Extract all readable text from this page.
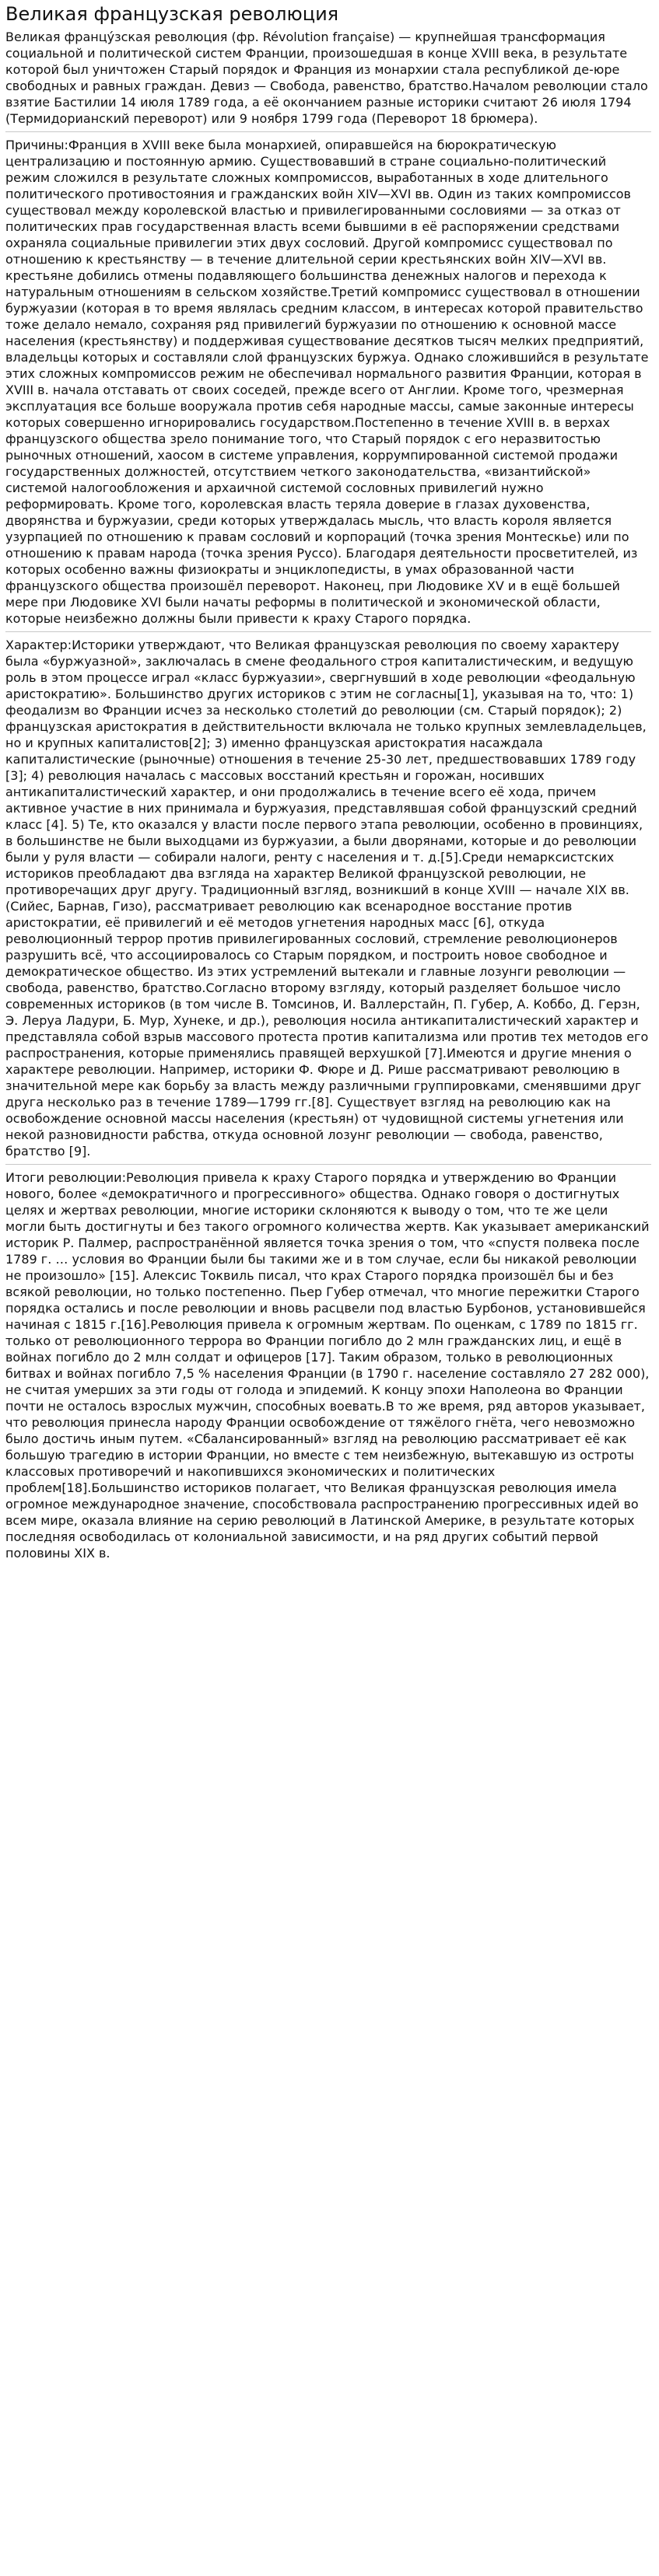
Великая французская революция

Великая францу́зская революция (фр. Révolution française) — крупнейшая трансформация социальной и политической систем Франции, произошедшая в конце XVIII века, в результате которой был уничтожен Старый порядок и Франция из монархии стала республикой де-юре свободных и равных граждан. Девиз — Свобода, равенство, братство.Началом революции стало взятие Бастилии 14 июля 1789 года, а её окончанием разные историки считают 26 июля 1794 (Термидорианский переворот) или 9 ноября 1799 года (Переворот 18 брюмера).

Причины:Франция в XVIII веке была монархией, опиравшейся на бюрократическую централизацию и постоянную армию. Существовавший в стране социально-политический режим сложился в результате сложных компромиссов, выработанных в ходе длительного политического противостояния и гражданских войн XIV—XVI вв. Один из таких компромиссов существовал между королевской властью и привилегированными сословиями — за отказ от политических прав государственная власть всеми бывшими в её распоряжении средствами охраняла социальные привилегии этих двух сословий. Другой компромисс существовал по отношению к крестьянству — в течение длительной серии крестьянских войн XIV—XVI вв. крестьяне добились отмены подавляющего большинства денежных налогов и перехода к натуральным отношениям в сельском хозяйстве.Третий компромисс существовал в отношении буржуазии (которая в то время являлась средним классом, в интересах которой правительство тоже делало немало, сохраняя ряд привилегий буржуазии по отношению к основной массе населения (крестьянству) и поддерживая существование десятков тысяч мелких предприятий, владельцы которых и составляли слой французских буржуа. Однако сложившийся в результате этих сложных компромиссов режим не обеспечивал нормального развития Франции, которая в XVIII в. начала отставать от своих соседей, прежде всего от Англии. Кроме того, чрезмерная эксплуатация все больше вооружала против себя народные массы, самые законные интересы которых совершенно игнорировались государством.Постепенно в течение XVIII в. в верхах французского общества зрело понимание того, что Старый порядок с его неразвитостью рыночных отношений, хаосом в системе управления, коррумпированной системой продажи государственных должностей, отсутствием четкого законодательства, «византийской» системой налогообложения и архаичной системой сословных привилегий нужно реформировать. Кроме того, королевская власть теряла доверие в глазах духовенства, дворянства и буржуазии, среди которых утверждалась мысль, что власть короля является узурпацией по отношению к правам сословий и корпораций (точка зрения Монтескье) или по отношению к правам народа (точка зрения Руссо). Благодаря деятельности просветителей, из которых особенно важны физиократы и энциклопедисты, в умах образованной части французского общества произошёл переворот. Наконец, при Людовике XV и в ещё большей мере при Людовике XVI были начаты реформы в политической и экономической области, которые неизбежно должны были привести к краху Старого порядка.

Характер:Историки утверждают, что Великая французская революция по своему характеру была «буржуазной», заключалась в смене феодального строя капиталистическим, и ведущую роль в этом процессе играл «класс буржуазии», свергнувший в ходе революции «феодальную аристократию». Большинство других историков с этим не согласны[1], указывая на то, что: 1) феодализм во Франции исчез за несколько столетий до революции (см. Старый порядок); 2) французская аристократия в действительности включала не только крупных землевладельцев, но и крупных капиталистов[2]; 3) именно французская аристократия насаждала капиталистические (рыночные) отношения в течение 25-30 лет, предшествовавших 1789 году [3]; 4) революция началась с массовых восстаний крестьян и горожан, носивших антикапиталистический характер, и они продолжались в течение всего её хода, причем активное участие в них принимала и буржуазия, представлявшая собой французский средний класс [4]. 5) Те, кто оказался у власти после первого этапа революции, особенно в провинциях, в большинстве не были выходцами из буржуазии, а были дворянами, которые и до революции были у руля власти — собирали налоги, ренту с населения и т. д.[5].Среди немарксистских историков преобладают два взгляда на характер Великой французской революции, не противоречащих друг другу. Традиционный взгляд, возникший в конце XVIII — начале XIX вв. (Сийес, Барнав, Гизо), рассматривает революцию как всенародное восстание против аристократии, её привилегий и её методов угнетения народных масс [6], откуда революционный террор против привилегированных сословий, стремление революционеров разрушить всё, что ассоциировалось со Старым порядком, и построить новое свободное и демократическое общество. Из этих устремлений вытекали и главные лозунги революции — свобода, равенство, братство.Согласно второму взгляду, который разделяет большое число современных историков (в том числе В. Томсинов, И. Валлерстайн, П. Губер, А. Коббо, Д. Герзн, Э. Леруа Ладури, Б. Мур, Хунеке, и др.), революция носила антикапиталистический характер и представляла собой взрыв массового протеста против капитализма или против тех методов его распространения, которые применялись правящей верхушкой [7].Имеются и другие мнения о характере революции. Например, историки Ф. Фюре и Д. Рише рассматривают революцию в значительной мере как борьбу за власть между различными группировками, сменявшими друг друга несколько раз в течение 1789—1799 гг.[8]. Существует взгляд на революцию как на освобождение основной массы населения (крестьян) от чудовищной системы угнетения или некой разновидности рабства, откуда основной лозунг революции — свобода, равенство, братство [9].

Итоги революции:Революция привела к краху Старого порядка и утверждению во Франции нового, более «демократичного и прогрессивного» общества. Однако говоря о достигнутых целях и жертвах революции, многие историки склоняются к выводу о том, что те же цели могли быть достигнуты и без такого огромного количества жертв. Как указывает американский историк Р. Палмер, распространённой является точка зрения о том, что «спустя полвека после 1789 г. … условия во Франции были бы такими же и в том случае, если бы никакой революции не произошло» [15]. Алексис Токвиль писал, что крах Старого порядка произошёл бы и без всякой революции, но только постепенно. Пьер Губер отмечал, что многие пережитки Старого порядка остались и после революции и вновь расцвели под властью Бурбонов, установившейся начиная с 1815 г.[16].Революция привела к огромным жертвам. По оценкам, с 1789 по 1815 гг. только от революционного террора во Франции погибло до 2 млн гражданских лиц, и ещё в войнах погибло до 2 млн солдат и офицеров [17]. Таким образом, только в революционных битвах и войнах погибло 7,5 % населения Франции (в 1790 г. население составляло 27 282 000), не считая умерших за эти годы от голода и эпидемий. К концу эпохи Наполеона во Франции почти не осталось взрослых мужчин, способных воевать.В то же время, ряд авторов указывает, что революция принесла народу Франции освобождение от тяжёлого гнёта, чего невозможно было достичь иным путем. «Сбалансированный» взгляд на революцию рассматривает её как большую трагедию в истории Франции, но вместе с тем неизбежную, вытекавшую из остроты классовых противоречий и накопившихся экономических и политических проблем[18].Большинство историков полагает, что Великая французская революция имела огромное международное значение, способствовала распространению прогрессивных идей во всем мире, оказала влияние на серию революций в Латинской Америке, в результате которых последняя освободилась от колониальной зависимости, и на ряд других событий первой половины XIX в.
